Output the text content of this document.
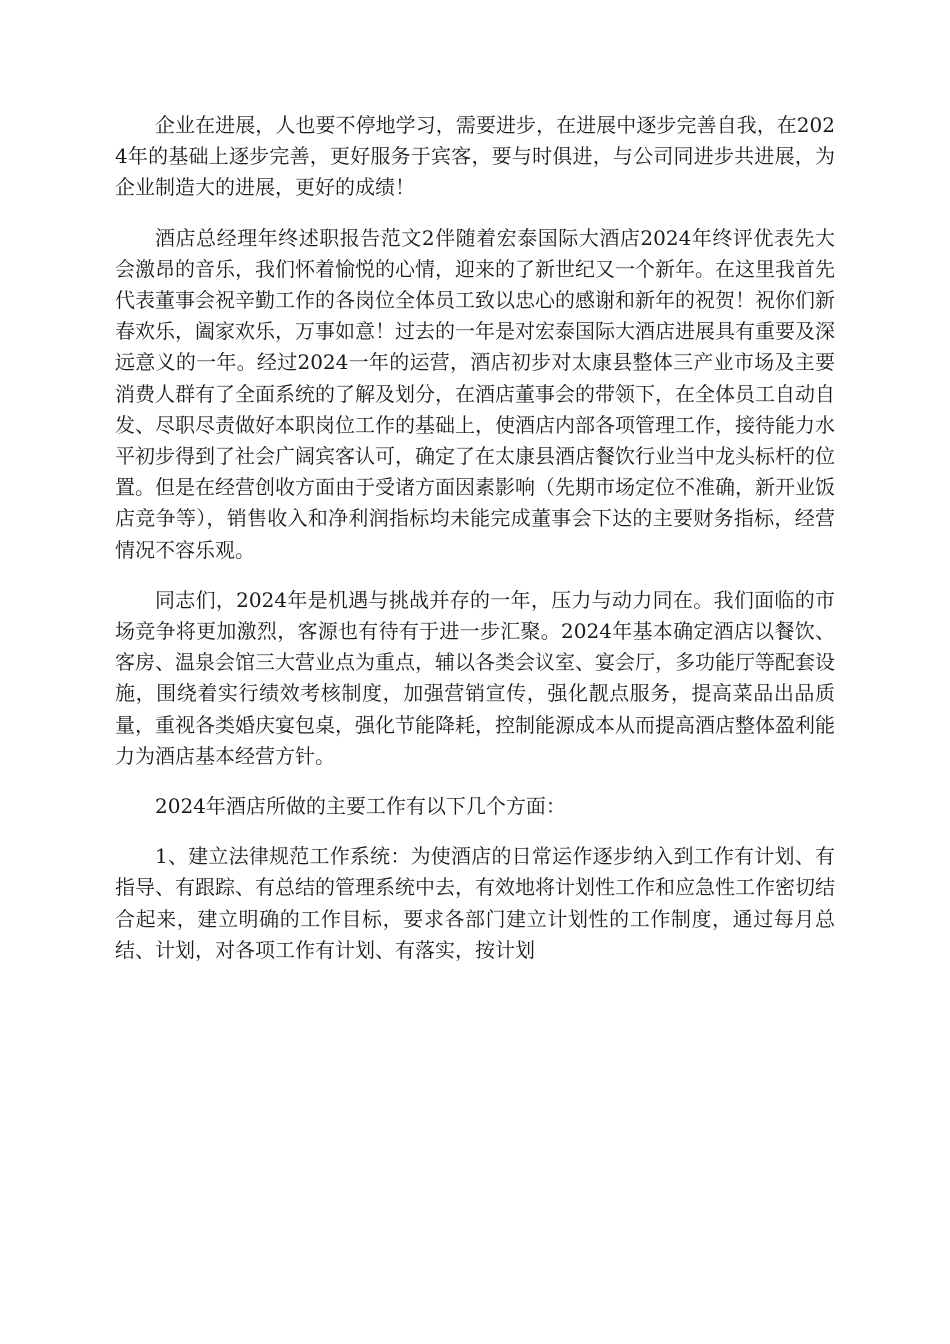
企业在进展，人也要不停地学习，需要进步，在进展中逐步完善自我，在2024年的基础上逐步完善，更好服务于宾客，要与时俱进，与公司同进步共进展，为企业制造大的进展，更好的成绩！

酒店总经理年终述职报告范文2伴随着宏泰国际大酒店2024年终评优表先大会激昂的音乐，我们怀着愉悦的心情，迎来的了新世纪又一个新年。在这里我首先代表董事会祝辛勤工作的各岗位全体员工致以忠心的感谢和新年的祝贺！祝你们新春欢乐，阖家欢乐，万事如意！过去的一年是对宏泰国际大酒店进展具有重要及深远意义的一年。经过2024一年的运营，酒店初步对太康县整体三产业市场及主要消费人群有了全面系统的了解及划分，在酒店董事会的带领下，在全体员工自动自发、尽职尽责做好本职岗位工作的基础上，使酒店内部各项管理工作，接待能力水平初步得到了社会广阔宾客认可，确定了在太康县酒店餐饮行业当中龙头标杆的位置。但是在经营创收方面由于受诸方面因素影响（先期市场定位不准确，新开业饭店竞争等），销售收入和净利润指标均未能完成董事会下达的主要财务指标，经营情况不容乐观。

同志们，2024年是机遇与挑战并存的一年，压力与动力同在。我们面临的市场竞争将更加激烈，客源也有待有于进一步汇聚。2024年基本确定酒店以餐饮、客房、温泉会馆三大营业点为重点，辅以各类会议室、宴会厅，多功能厅等配套设施，围绕着实行绩效考核制度，加强营销宣传，强化靓点服务，提高菜品出品质量，重视各类婚庆宴包桌，强化节能降耗，控制能源成本从而提高酒店整体盈利能力为酒店基本经营方针。

2024年酒店所做的主要工作有以下几个方面：

1、建立法律规范工作系统：为使酒店的日常运作逐步纳入到工作有计划、有指导、有跟踪、有总结的管理系统中去，有效地将计划性工作和应急性工作密切结合起来，建立明确的工作目标，要求各部门建立计划性的工作制度，通过每月总结、计划，对各项工作有计划、有落实，按计划
